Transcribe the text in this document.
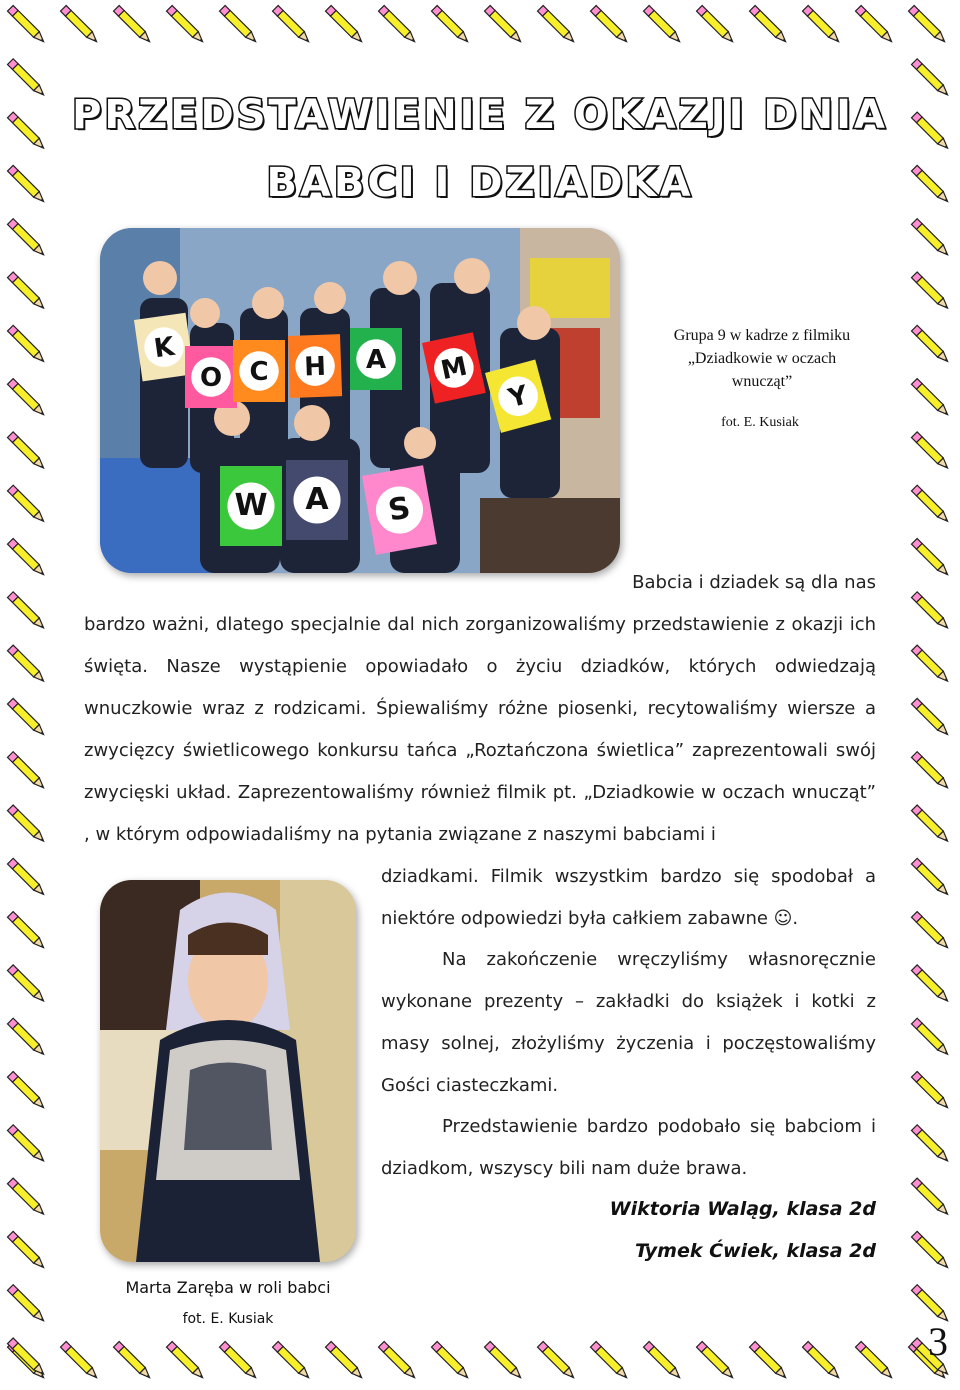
PRZEDSTAWIENIE Z OKAZJI DNIA
BABCI I DZIADKA
K
O C H A M
Y
W A S
Grupa 9 w kadrze z filmiku
„Dziadkowie w oczach
wnucząt”
fot. E. Kusiak
Babcia i dziadek są dla nas
bardzo ważni, dlatego specjalnie dal nich zorganizowaliśmy przedstawienie z okazji ich święta. Nasze wystąpienie opowiadało o życiu dziadków, których odwiedzają wnuczkowie wraz z rodzicami. Śpiewaliśmy różne piosenki, recytowaliśmy wiersze a zwycięzcy świetlicowego konkursu tańca „Roztańczona świetlica” zaprezentowali swój zwycięski układ. Zaprezentowaliśmy również filmik pt. „Dziadkowie w oczach wnucząt” , w którym odpowiadaliśmy na pytania związane z naszymi babciami i
dziadkami. Filmik wszystkim bardzo się spodobał a niektóre odpowiedzi była całkiem zabawne ☺.
Na zakończenie wręczyliśmy własnoręcznie wykonane prezenty – zakładki do książek i kotki z masy solnej, złożyliśmy życzenia i poczęstowaliśmy Gości ciasteczkami.
Przedstawienie bardzo podobało się babciom i dziadkom, wszyscy bili nam duże brawa.
Wiktoria Waląg, klasa 2d
Tymek Ćwiek, klasa 2d
Marta Zaręba w roli babci
fot. E. Kusiak	3
